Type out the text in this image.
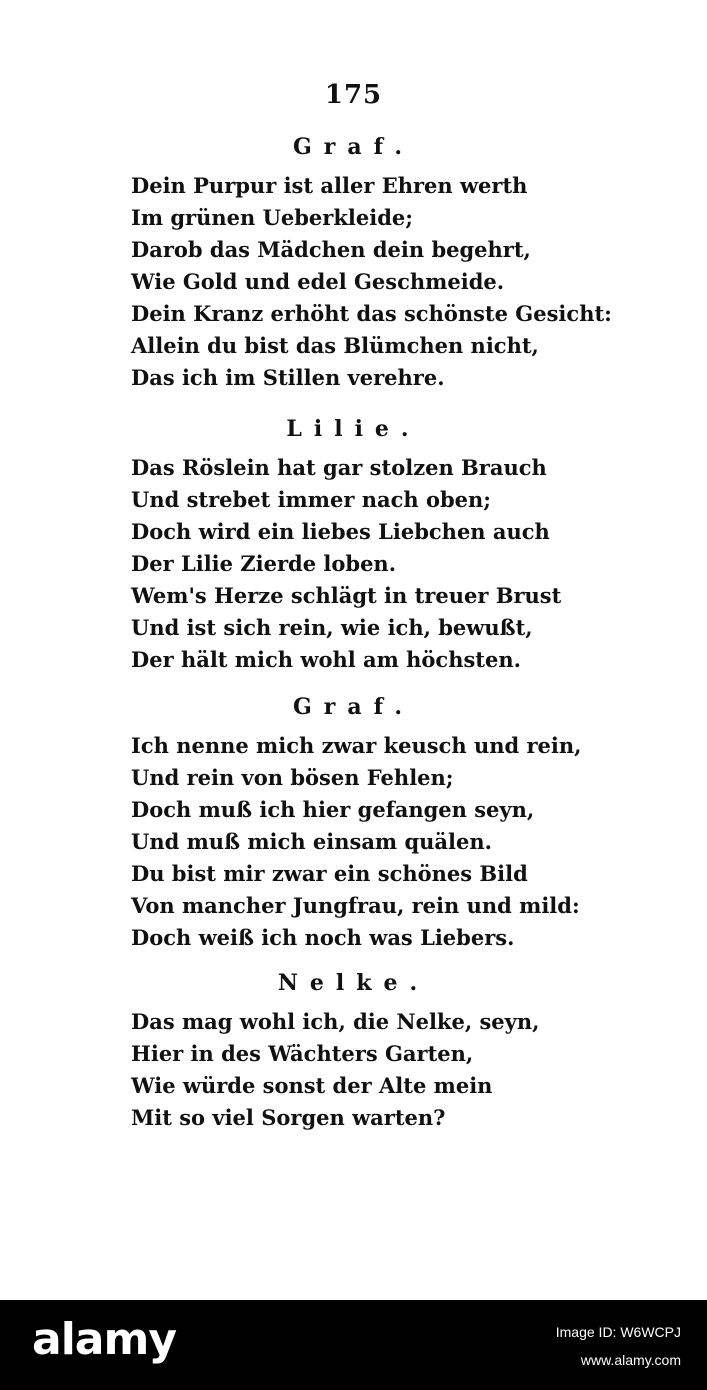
175
Graf.
Dein Purpur ist aller Ehren werth
Im grünen Ueberkleide;
Darob das Mädchen dein begehrt,
Wie Gold und edel Geschmeide.
Dein Kranz erhöht das schönste Gesicht:
Allein du bist das Blümchen nicht,
Das ich im Stillen verehre.
Lilie.
Das Röslein hat gar stolzen Brauch
Und strebet immer nach oben;
Doch wird ein liebes Liebchen auch
Der Lilie Zierde loben.
Wem's Herze schlägt in treuer Brust
Und ist sich rein, wie ich, bewußt,
Der hält mich wohl am höchsten.
Graf.
Ich nenne mich zwar keusch und rein,
Und rein von bösen Fehlen;
Doch muß ich hier gefangen seyn,
Und muß mich einsam quälen.
Du bist mir zwar ein schönes Bild
Von mancher Jungfrau, rein und mild:
Doch weiß ich noch was Liebers.
Nelke.
Das mag wohl ich, die Nelke, seyn,
Hier in des Wächters Garten,
Wie würde sonst der Alte mein
Mit so viel Sorgen warten?
alamy	Image ID: W6WCPJ
www.alamy.com
